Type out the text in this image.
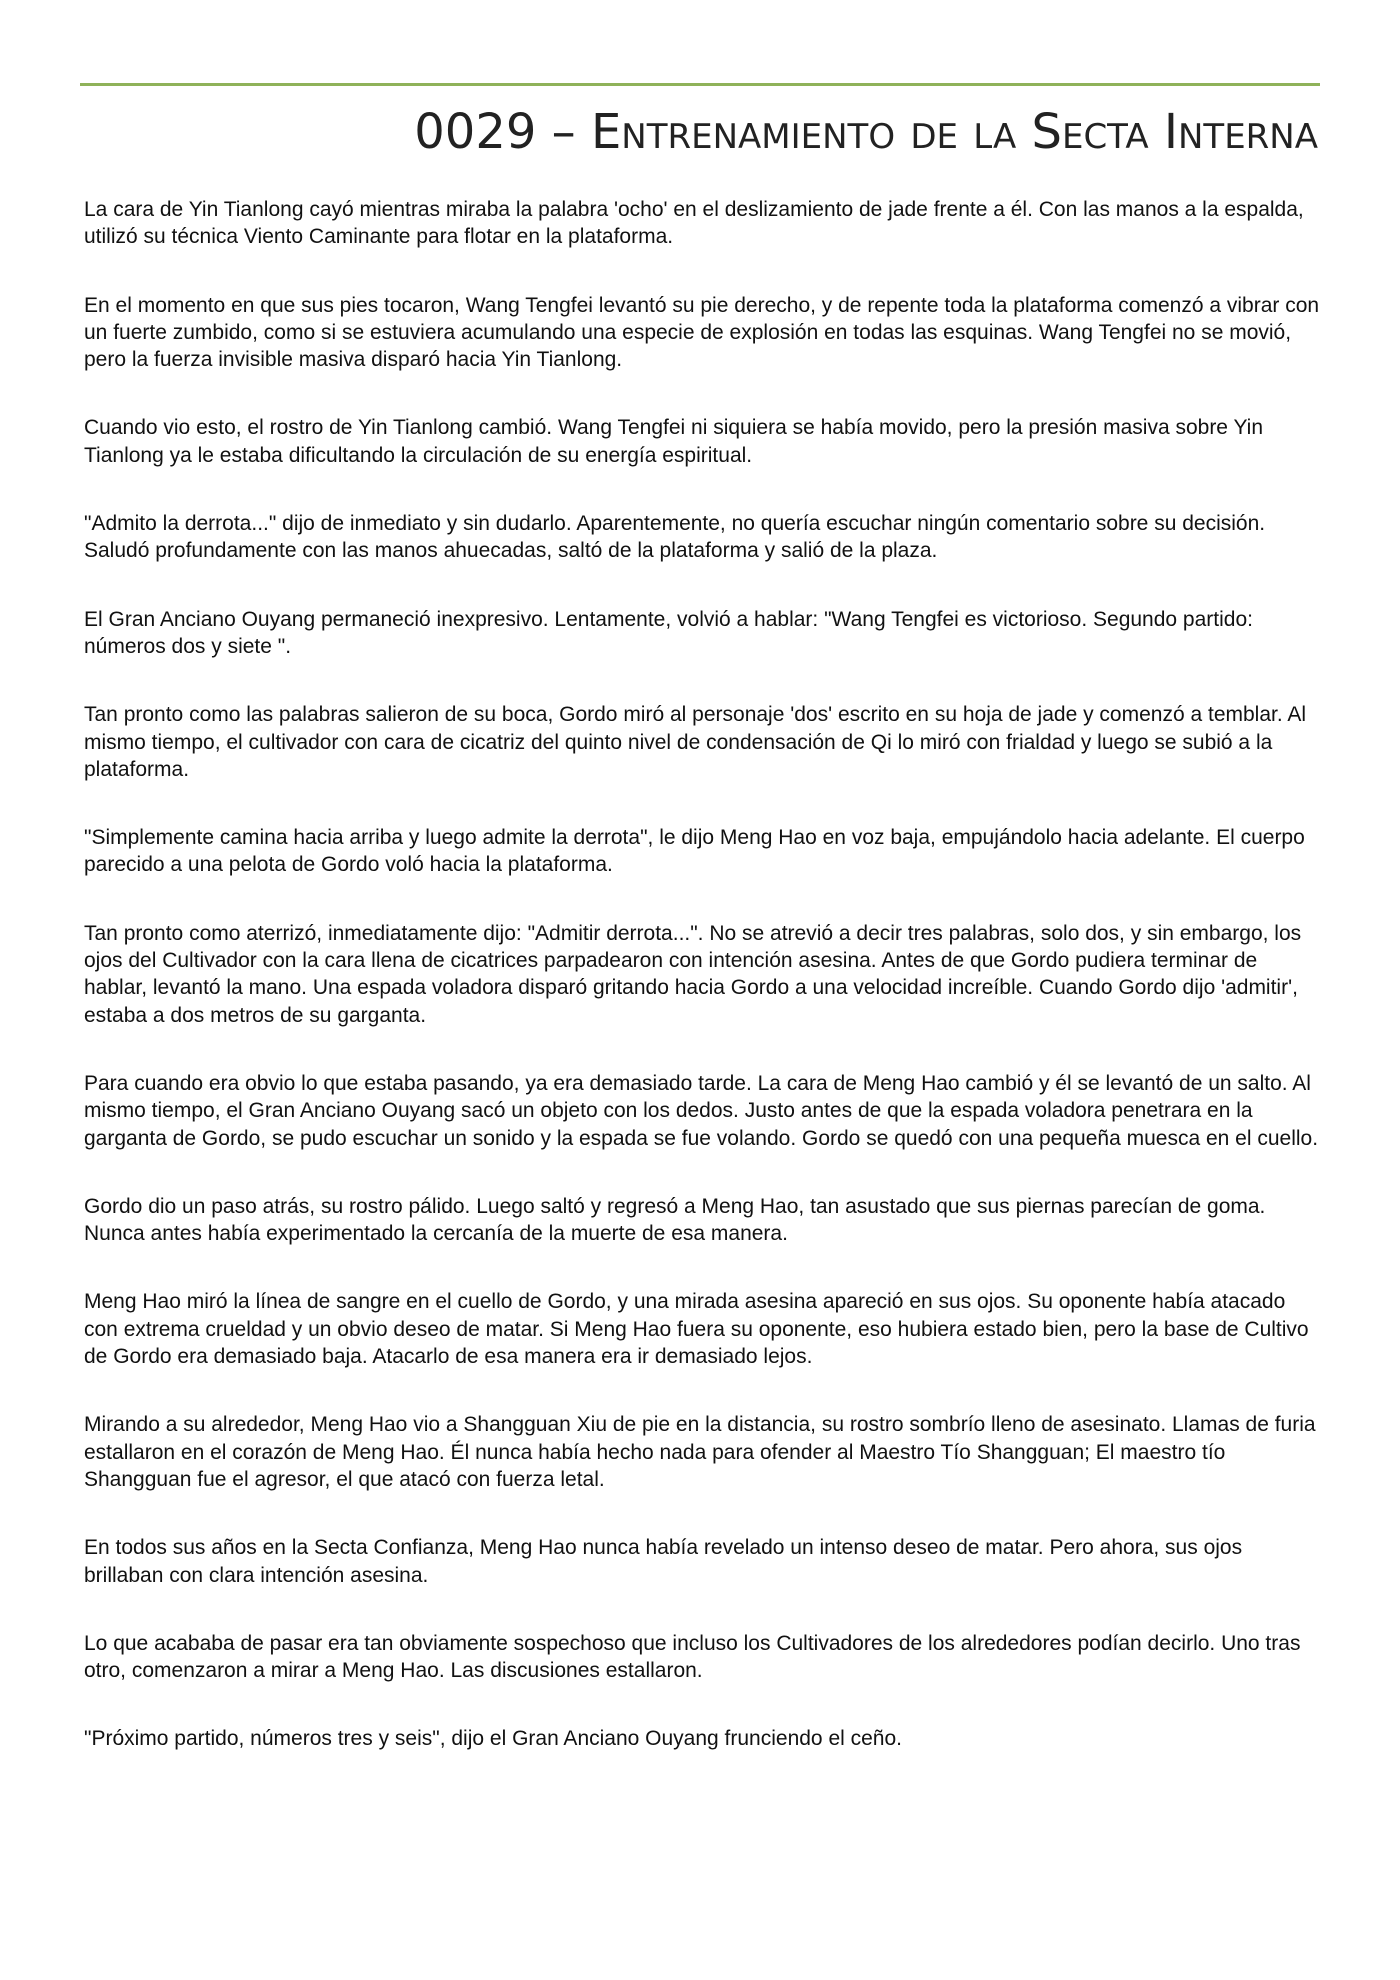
0029 – Entrenamiento de la Secta Interna

La cara de Yin Tianlong cayó mientras miraba la palabra 'ocho' en el deslizamiento de jade frente a él. Con las manos a la espalda, utilizó su técnica Viento Caminante para flotar en la plataforma.

En el momento en que sus pies tocaron, Wang Tengfei levantó su pie derecho, y de repente toda la plataforma comenzó a vibrar con un fuerte zumbido, como si se estuviera acumulando una especie de explosión en todas las esquinas. Wang Tengfei no se movió, pero la fuerza invisible masiva disparó hacia Yin Tianlong.

Cuando vio esto, el rostro de Yin Tianlong cambió. Wang Tengfei ni siquiera se había movido, pero la presión masiva sobre Yin Tianlong ya le estaba dificultando la circulación de su energía espiritual.

"Admito la derrota..." dijo de inmediato y sin dudarlo. Aparentemente, no quería escuchar ningún comentario sobre su decisión. Saludó profundamente con las manos ahuecadas, saltó de la plataforma y salió de la plaza.

El Gran Anciano Ouyang permaneció inexpresivo. Lentamente, volvió a hablar: "Wang Tengfei es victorioso. Segundo partido: números dos y siete ".

Tan pronto como las palabras salieron de su boca, Gordo miró al personaje 'dos' escrito en su hoja de jade y comenzó a temblar. Al mismo tiempo, el cultivador con cara de cicatriz del quinto nivel de condensación de Qi lo miró con frialdad y luego se subió a la plataforma.

"Simplemente camina hacia arriba y luego admite la derrota", le dijo Meng Hao en voz baja, empujándolo hacia adelante. El cuerpo parecido a una pelota de Gordo voló hacia la plataforma.

Tan pronto como aterrizó, inmediatamente dijo: "Admitir derrota...". No se atrevió a decir tres palabras, solo dos, y sin embargo, los ojos del Cultivador con la cara llena de cicatrices parpadearon con intención asesina. Antes de que Gordo pudiera terminar de hablar, levantó la mano. Una espada voladora disparó gritando hacia Gordo a una velocidad increíble. Cuando Gordo dijo 'admitir', estaba a dos metros de su garganta.

Para cuando era obvio lo que estaba pasando, ya era demasiado tarde. La cara de Meng Hao cambió y él se levantó de un salto. Al mismo tiempo, el Gran Anciano Ouyang sacó un objeto con los dedos. Justo antes de que la espada voladora penetrara en la garganta de Gordo, se pudo escuchar un sonido y la espada se fue volando. Gordo se quedó con una pequeña muesca en el cuello.

Gordo dio un paso atrás, su rostro pálido. Luego saltó y regresó a Meng Hao, tan asustado que sus piernas parecían de goma. Nunca antes había experimentado la cercanía de la muerte de esa manera.

Meng Hao miró la línea de sangre en el cuello de Gordo, y una mirada asesina apareció en sus ojos. Su oponente había atacado con extrema crueldad y un obvio deseo de matar. Si Meng Hao fuera su oponente, eso hubiera estado bien, pero la base de Cultivo de Gordo era demasiado baja. Atacarlo de esa manera era ir demasiado lejos.

Mirando a su alrededor, Meng Hao vio a Shangguan Xiu de pie en la distancia, su rostro sombrío lleno de asesinato. Llamas de furia estallaron en el corazón de Meng Hao. Él nunca había hecho nada para ofender al Maestro Tío Shangguan; El maestro tío Shangguan fue el agresor, el que atacó con fuerza letal.

En todos sus años en la Secta Confianza, Meng Hao nunca había revelado un intenso deseo de matar. Pero ahora, sus ojos brillaban con clara intención asesina.

Lo que acababa de pasar era tan obviamente sospechoso que incluso los Cultivadores de los alrededores podían decirlo. Uno tras otro, comenzaron a mirar a Meng Hao. Las discusiones estallaron.

"Próximo partido, números tres y seis", dijo el Gran Anciano Ouyang frunciendo el ceño.
